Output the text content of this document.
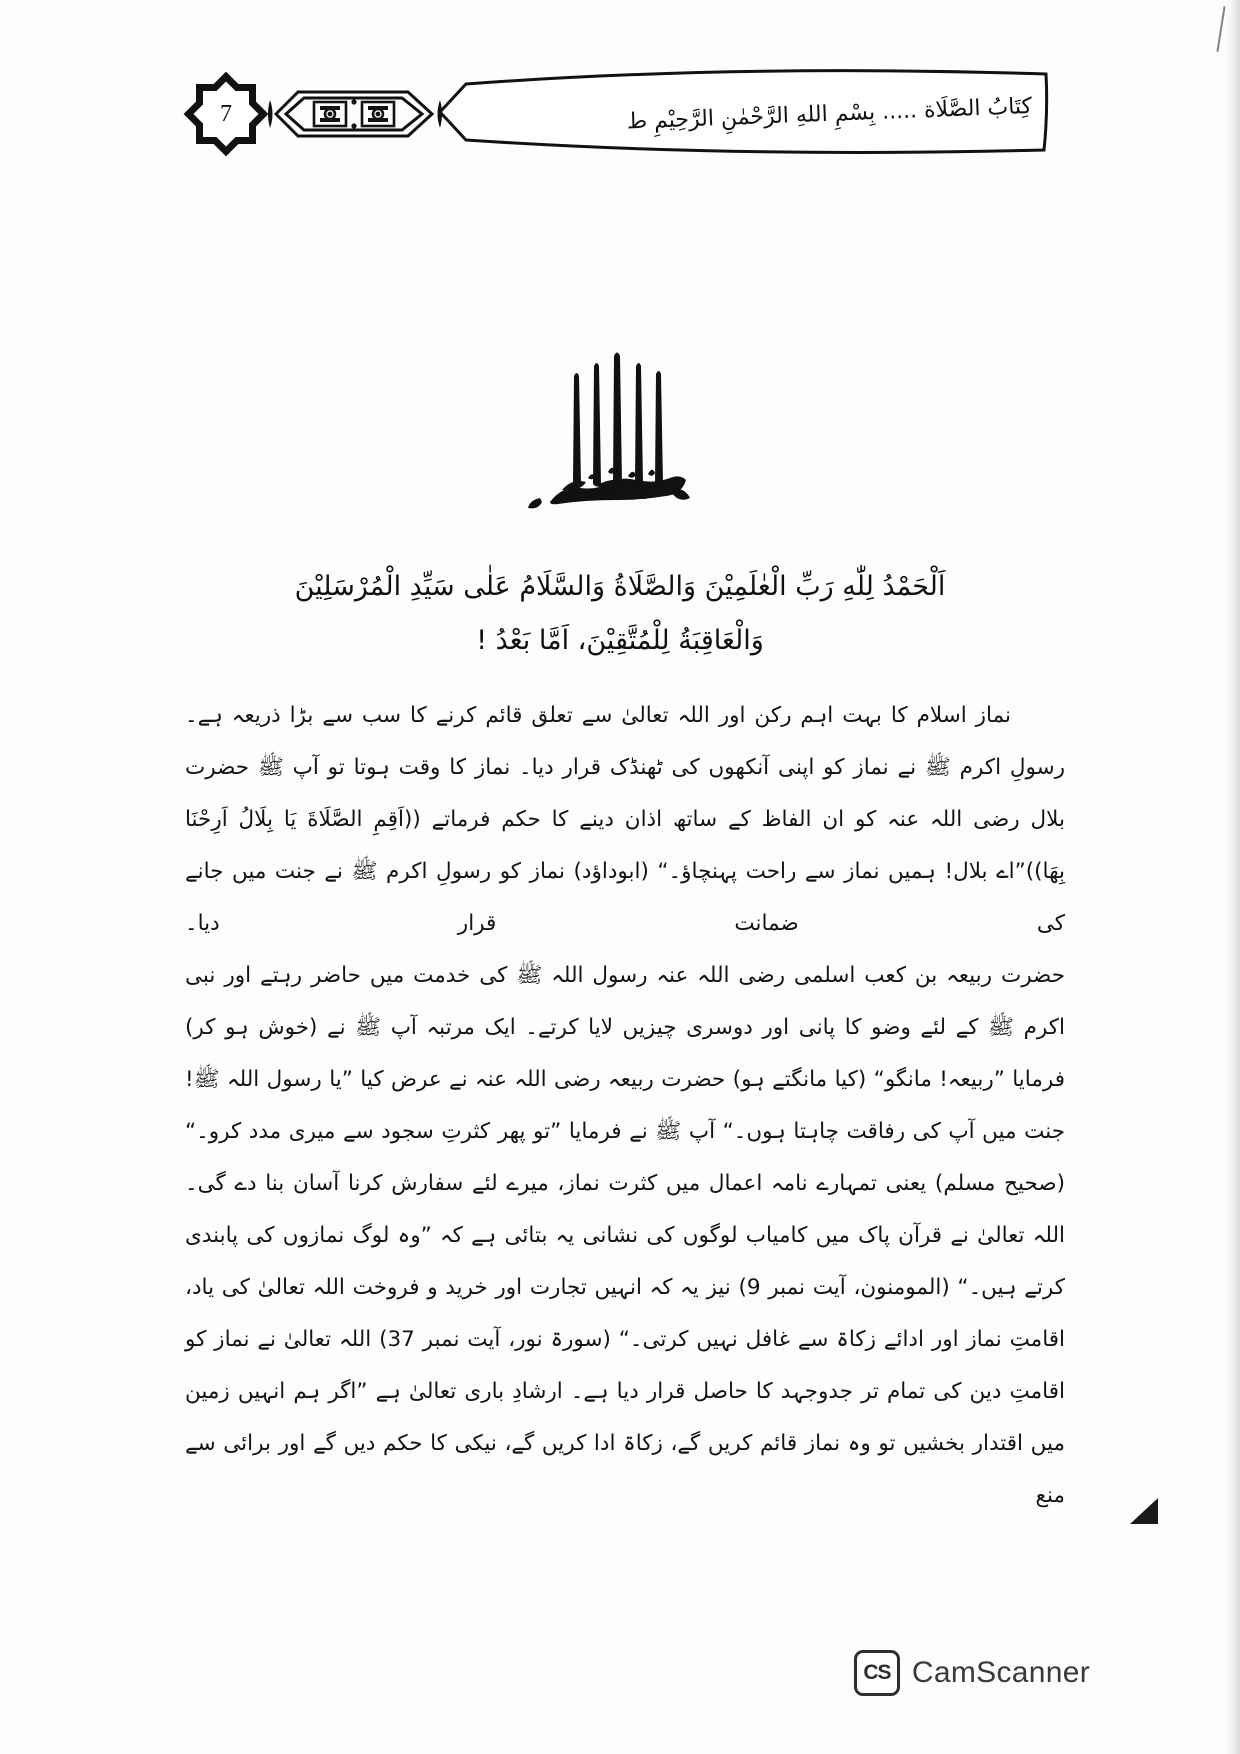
7	كِتَابُ الصَّلَاة ..... بِسْمِ اللهِ الرَّحْمٰنِ الرَّحِيْمِ ط
اَلْحَمْدُ لِلّٰهِ رَبِّ الْعٰلَمِيْنَ وَالصَّلَاةُ وَالسَّلَامُ عَلٰى سَيِّدِ الْمُرْسَلِيْنَ
وَالْعَاقِبَةُ لِلْمُتَّقِيْنَ، اَمَّا بَعْدُ !

نماز اسلام کا بہت اہم رکن اور اللہ تعالیٰ سے تعلق قائم کرنے کا سب سے بڑا ذریعہ ہے۔ رسولِ اکرم ﷺ نے نماز کو اپنی آنکھوں کی ٹھنڈک قرار دیا۔ نماز کا وقت ہوتا تو آپ ﷺ حضرت بلال رضی اللہ عنہ کو ان الفاظ کے ساتھ اذان دینے کا حکم فرماتے ((اَقِمِ الصَّلَاةَ یَا بِلَالُ اَرِحْنَا بِهَا))”اے بلال! ہمیں نماز سے راحت پہنچاؤ۔“ (ابوداؤد) نماز کو رسولِ اکرم ﷺ نے جنت میں جانے کی ضمانت قرار دیا۔

حضرت ربیعہ بن کعب اسلمی رضی اللہ عنہ رسول اللہ ﷺ کی خدمت میں حاضر رہتے اور نبی اکرم ﷺ کے لئے وضو کا پانی اور دوسری چیزیں لایا کرتے۔ ایک مرتبہ آپ ﷺ نے (خوش ہو کر) فرمایا ”ربیعہ! مانگو“ (کیا مانگتے ہو) حضرت ربیعہ رضی اللہ عنہ نے عرض کیا ”یا رسول اللہ ﷺ! جنت میں آپ کی رفاقت چاہتا ہوں۔“ آپ ﷺ نے فرمایا ”تو پھر کثرتِ سجود سے میری مدد کرو۔“ (صحیح مسلم) یعنی تمہارے نامہ اعمال میں کثرت نماز، میرے لئے سفارش کرنا آسان بنا دے گی۔ اللہ تعالیٰ نے قرآن پاک میں کامیاب لوگوں کی نشانی یہ بتائی ہے کہ ”وہ لوگ نمازوں کی پابندی کرتے ہیں۔“ (المومنون، آیت نمبر 9) نیز یہ کہ انہیں تجارت اور خرید و فروخت اللہ تعالیٰ کی یاد، اقامتِ نماز اور ادائے زکاۃ سے غافل نہیں کرتی۔“ (سورۃ نور، آیت نمبر 37) اللہ تعالیٰ نے نماز کو اقامتِ دین کی تمام تر جدوجہد کا حاصل قرار دیا ہے۔ ارشادِ باری تعالیٰ ہے ”اگر ہم انہیں زمین میں اقتدار بخشیں تو وہ نماز قائم کریں گے، زکاۃ ادا کریں گے، نیکی کا حکم دیں گے اور برائی سے منع

CS CamScanner
